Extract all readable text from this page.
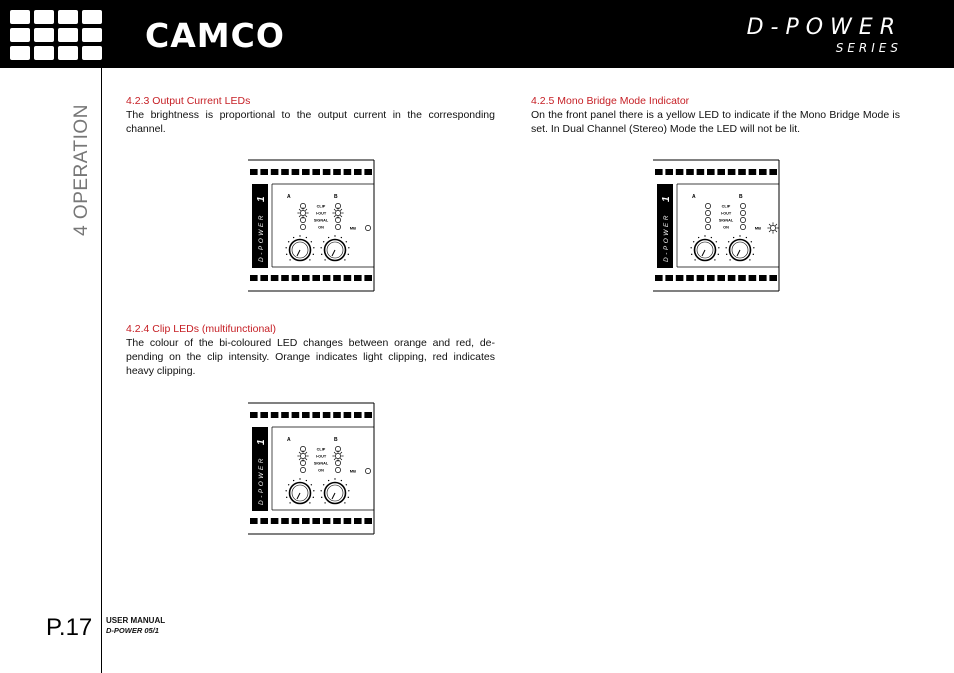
CAMCO	D-POWER
SERIES
4 OPERATION
P.17 USER MANUAL
D-POWER 05/1
4.2.3 Output Current LEDs

The brightness is proportional to the output current in the corresponding channel.

4.2.4 Clip LEDs (multifunctional)

The colour of the bi-coloured LED changes between orange and red, de-pending on the clip intensity. Orange indicates light clipping, red indicates heavy clipping.

4.2.5 Mono Bridge Mode Indicator

On the front panel there is a yellow LED to indicate if the Mono Bridge Mode is set. In Dual Channel (Stereo) Mode the LED will not be lit.

D-POWER
1	A	B
CLIP
I-OUT
SIGNAL
ON	MB
D-POWER
1	A	B
CLIP
I-OUT
SIGNAL
ON	MB
D-POWER
1	A	B
CLIP
I-OUT
SIGNAL
ON	MB
